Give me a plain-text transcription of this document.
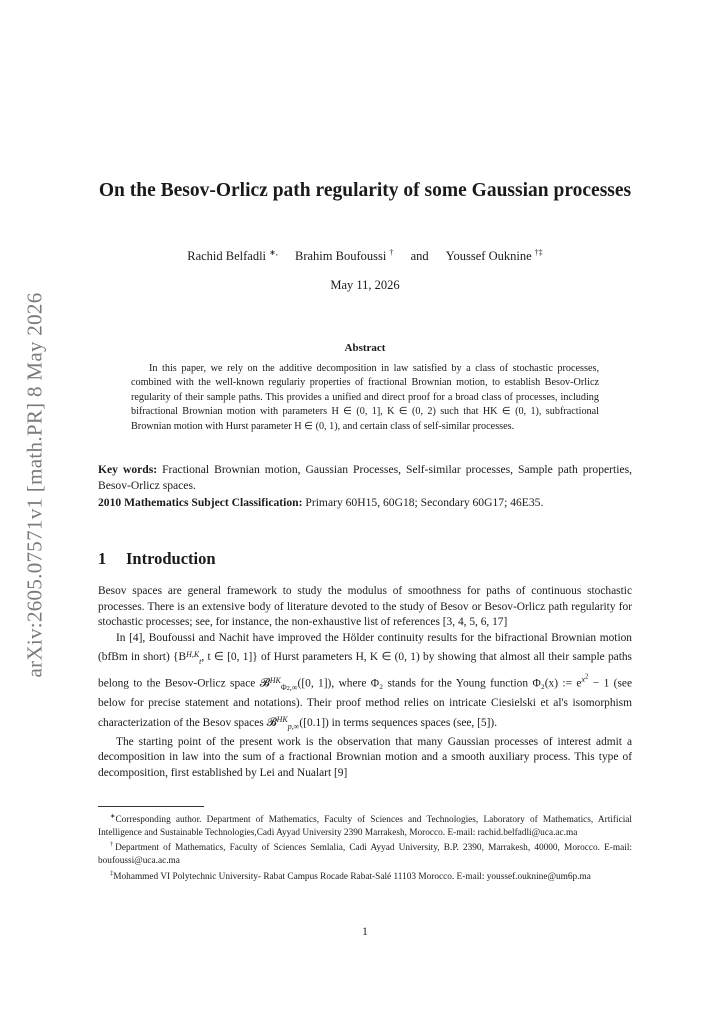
arXiv:2605.07571v1 [math.PR] 8 May 2026
On the Besov-Orlicz path regularity of some Gaussian processes
Rachid Belfadli ∗, Brahim Boufoussi † and Youssef Ouknine †‡
May 11, 2026
Abstract
In this paper, we rely on the additive decomposition in law satisfied by a class of stochastic processes, combined with the well-known regulariy properties of fractional Brownian motion, to establish Besov-Orlicz regularity of their sample paths. This provides a unified and direct proof for a broad class of processes, including bifractional Brownian motion with parameters H ∈ (0, 1], K ∈ (0, 2) such that HK ∈ (0, 1), subfractional Brownian motion with Hurst parameter H ∈ (0, 1), and certain class of self-similar processes.
Key words: Fractional Brownian motion, Gaussian Processes, Self-similar processes, Sample path properties, Besov-Orlicz spaces.
2010 Mathematics Subject Classification: Primary 60H15, 60G18; Secondary 60G17; 46E35.
1 Introduction

Besov spaces are general framework to study the modulus of smoothness for paths of continuous stochastic processes. There is an extensive body of literature devoted to the study of Besov or Besov-Orlicz path regularity for stochastic processes; see, for instance, the non-exhaustive list of references [3, 4, 5, 6, 17]

In [4], Boufoussi and Nachit have improved the Hölder continuity results for the bifractional Brownian motion (bfBm in short) {$B_{^{H,K}t}$, t ∈ [0, 1]} of Hurst parameters H, K ∈ (0, 1) by showing that almost all their sample paths belong to the Besov-Orlicz space 𝓑$_{^{HK}\Phi 2,\infty}$([0, 1]), where Φ₂ stands for the Young function Φ₂(x) := $e^{x^2} - 1$ (see below for precise statement and notations). Their proof method relies on intricate Ciesielski et al's isomorphism characterization of the Besov spaces 𝓑$_{^{HK}p,\infty}$([0.1]) in terms sequences spaces (see, [5]).

The starting point of the present work is the observation that many Gaussian processes of interest admit a decomposition in law into the sum of a fractional Brownian motion and a smooth auxiliary process. This type of decomposition, first established by Lei and Nualart [9]

∗Corresponding author. Department of Mathematics, Faculty of Sciences and Technologies, Laboratory of Mathematics, Artificial Intelligence and Sustainable Technologies,Cadi Ayyad University 2390 Marrakesh, Morocco. E-mail: rachid.belfadli@uca.ac.ma

†Department of Mathematics, Faculty of Sciences Semlalia, Cadi Ayyad University, B.P. 2390, Marrakesh, 40000, Morocco. E-mail: boufoussi@uca.ac.ma

‡Mohammed VI Polytechnic University- Rabat Campus Rocade Rabat-Salé 11103 Morocco. E-mail: youssef.ouknine@um6p.ma

1
